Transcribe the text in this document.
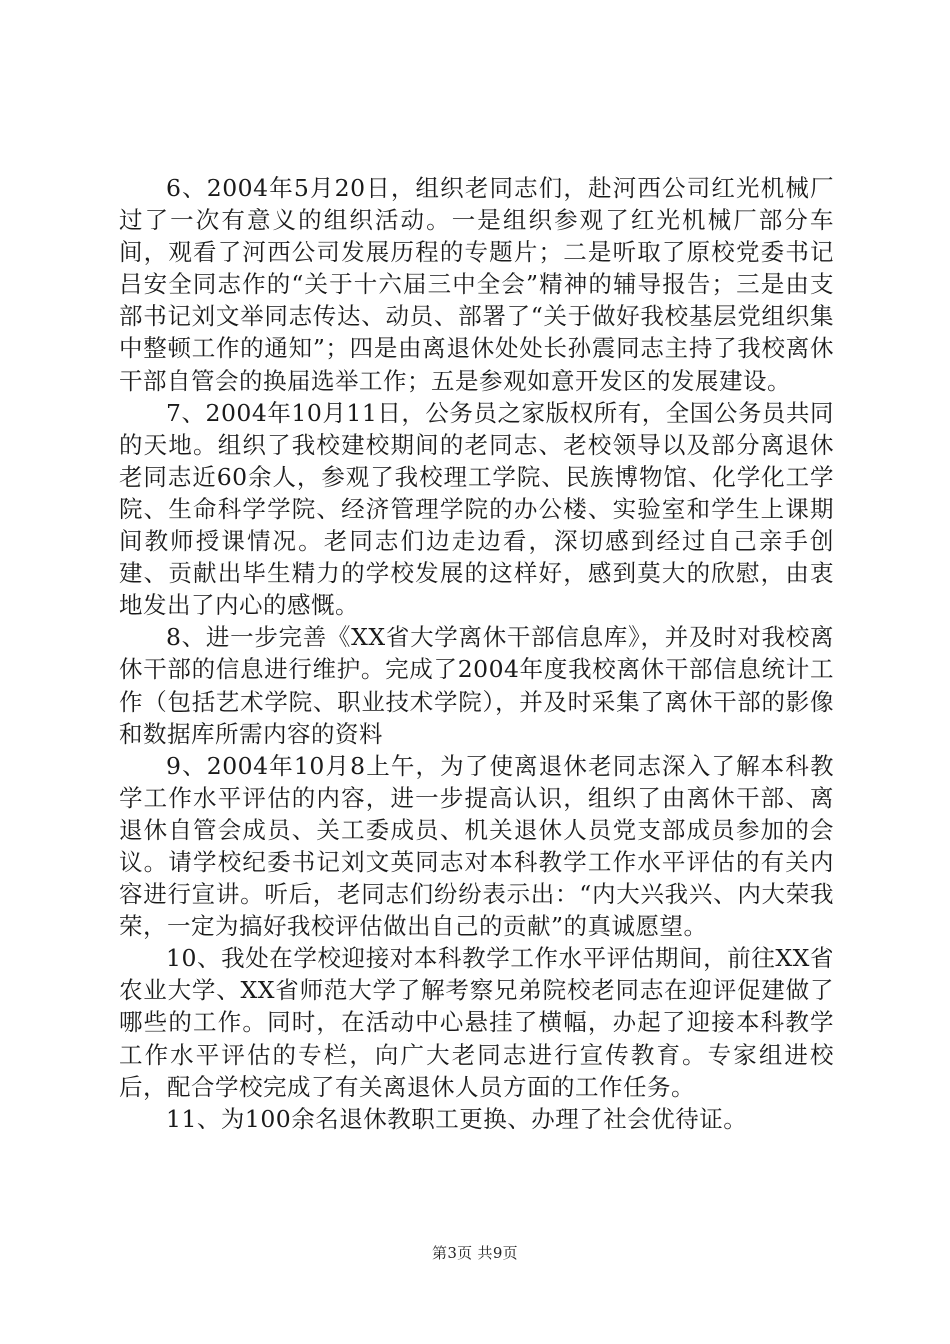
6、2004年5月20日，组织老同志们，赴河西公司红光机械厂过了一次有意义的组织活动。一是组织参观了红光机械厂部分车间，观看了河西公司发展历程的专题片；二是听取了原校党委书记吕安全同志作的“关于十六届三中全会”精神的辅导报告；三是由支部书记刘文举同志传达、动员、部署了“关于做好我校基层党组织集中整顿工作的通知”；四是由离退休处处长孙震同志主持了我校离休干部自管会的换届选举工作；五是参观如意开发区的发展建设。

7、2004年10月11日，公务员之家版权所有，全国公务员共同的天地。组织了我校建校期间的老同志、老校领导以及部分离退休老同志近60余人，参观了我校理工学院、民族博物馆、化学化工学院、生命科学学院、经济管理学院的办公楼、实验室和学生上课期间教师授课情况。老同志们边走边看，深切感到经过自己亲手创建、贡献出毕生精力的学校发展的这样好，感到莫大的欣慰，由衷地发出了内心的感慨。

8、进一步完善《XX省大学离休干部信息库》，并及时对我校离休干部的信息进行维护。完成了2004年度我校离休干部信息统计工作（包括艺术学院、职业技术学院），并及时采集了离休干部的影像和数据库所需内容的资料

9、2004年10月8上午，为了使离退休老同志深入了解本科教学工作水平评估的内容，进一步提高认识，组织了由离休干部、离退休自管会成员、关工委成员、机关退休人员党支部成员参加的会议。请学校纪委书记刘文英同志对本科教学工作水平评估的有关内容进行宣讲。听后，老同志们纷纷表示出：“内大兴我兴、内大荣我荣，一定为搞好我校评估做出自己的贡献”的真诚愿望。

10、我处在学校迎接对本科教学工作水平评估期间，前往XX省农业大学、XX省师范大学了解考察兄弟院校老同志在迎评促建做了哪些的工作。同时，在活动中心悬挂了横幅，办起了迎接本科教学工作水平评估的专栏，向广大老同志进行宣传教育。专家组进校后，配合学校完成了有关离退休人员方面的工作任务。

11、为100余名退休教职工更换、办理了社会优待证。

第3页 共9页
